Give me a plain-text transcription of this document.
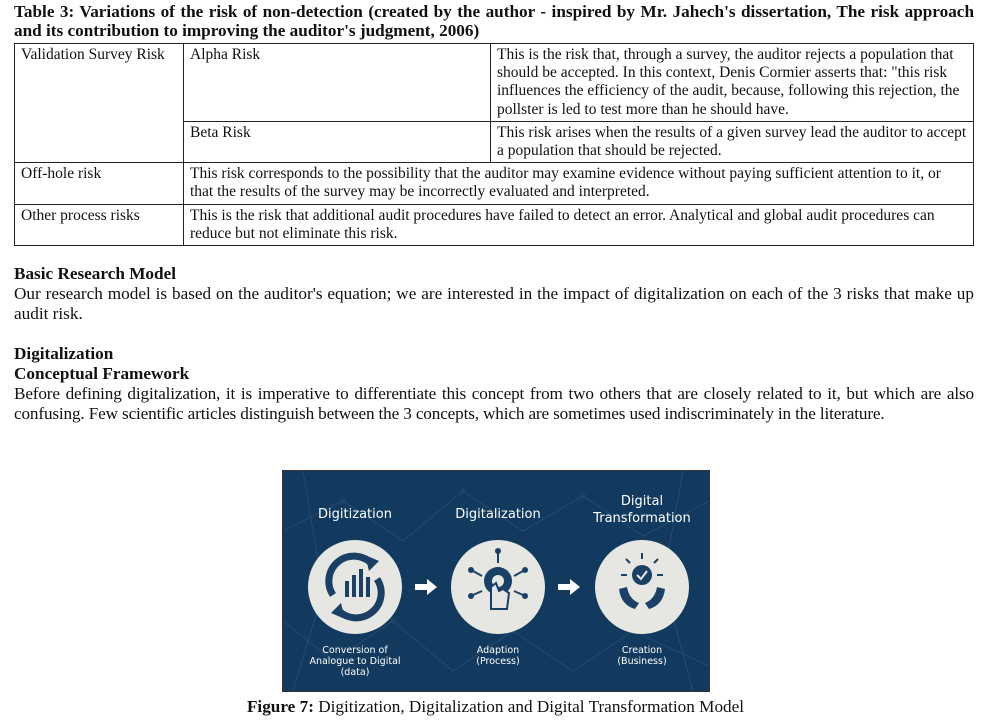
Table 3: Variations of the risk of non-detection (created by the author - inspired by Mr. Jahech's dissertation, The risk approach and its contribution to improving the auditor's judgment, 2006)
Validation Survey Risk	Alpha Risk	This is the risk that, through a survey, the auditor rejects a population that should be accepted. In this context, Denis Cormier asserts that: "this risk influences the efficiency of the audit, because, following this rejection, the pollster is led to test more than he should have.
	Beta Risk	This risk arises when the results of a given survey lead the auditor to accept a population that should be rejected.
Off-hole risk	This risk corresponds to the possibility that the auditor may examine evidence without paying sufficient attention to it, or that the results of the survey may be incorrectly evaluated and interpreted.	
Other process risks	This is the risk that additional audit procedures have failed to detect an error. Analytical and global audit procedures can reduce but not eliminate this risk.	
Basic Research Model
Our research model is based on the auditor's equation; we are interested in the impact of digitalization on each of the 3 risks that make up audit risk.
Digitalization
Conceptual Framework
Before defining digitalization, it is imperative to differentiate this concept from two others that are closely related to it, but which are also confusing. Few scientific articles distinguish between the 3 concepts, which are sometimes used indiscriminately in the literature.
Digitization	Digitalization
Digital
Transformation
Conversion of
Analogue to Digital
(data)
Adaption
(Process)
Creation
(Business)
Figure 7: Digitization, Digitalization and Digital Transformation Model
